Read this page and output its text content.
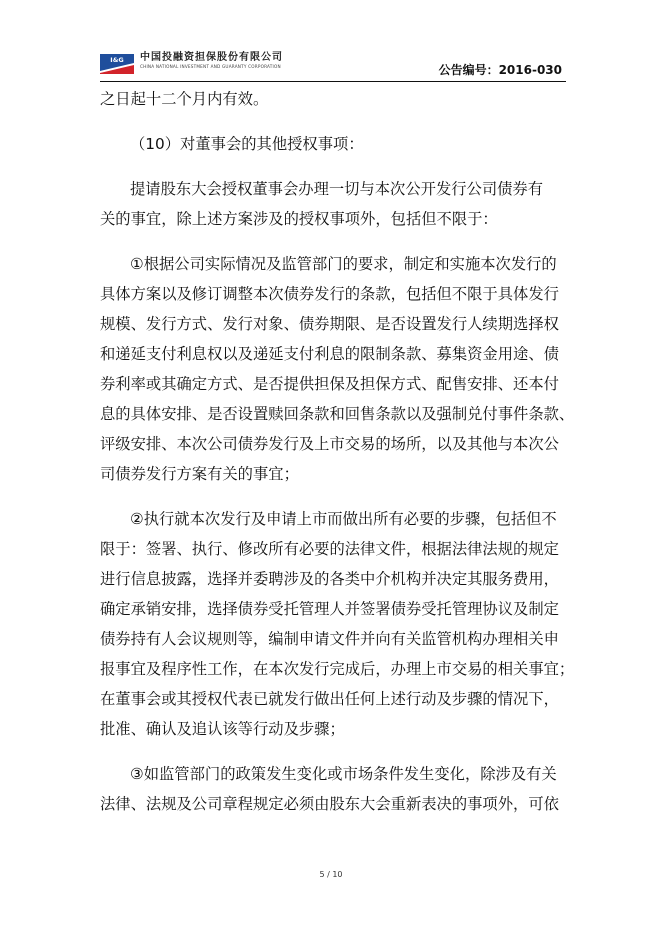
I&G 中国投融资担保股份有限公司
CHINA NATIONAL INVESTMENT AND GUARANTY CORPORATION	公告编号：2016-030
之日起十二个月内有效。
（10）对董事会的其他授权事项：
提请股东大会授权董事会办理一切与本次公开发行公司债券有
关的事宜，除上述方案涉及的授权事项外，包括但不限于：
①根据公司实际情况及监管部门的要求，制定和实施本次发行的
具体方案以及修订调整本次债券发行的条款，包括但不限于具体发行
规模、发行方式、发行对象、债券期限、是否设置发行人续期选择权
和递延支付利息权以及递延支付利息的限制条款、募集资金用途、债
券利率或其确定方式、是否提供担保及担保方式、配售安排、还本付
息的具体安排、是否设置赎回条款和回售条款以及强制兑付事件条款、
评级安排、本次公司债券发行及上市交易的场所，以及其他与本次公
司债券发行方案有关的事宜；
②执行就本次发行及申请上市而做出所有必要的步骤，包括但不
限于：签署、执行、修改所有必要的法律文件，根据法律法规的规定
进行信息披露，选择并委聘涉及的各类中介机构并决定其服务费用，
确定承销安排，选择债券受托管理人并签署债券受托管理协议及制定
债券持有人会议规则等，编制申请文件并向有关监管机构办理相关申
报事宜及程序性工作，在本次发行完成后，办理上市交易的相关事宜；
在董事会或其授权代表已就发行做出任何上述行动及步骤的情况下，
批准、确认及追认该等行动及步骤；
③如监管部门的政策发生变化或市场条件发生变化，除涉及有关
法律、法规及公司章程规定必须由股东大会重新表决的事项外，可依
5 / 10
